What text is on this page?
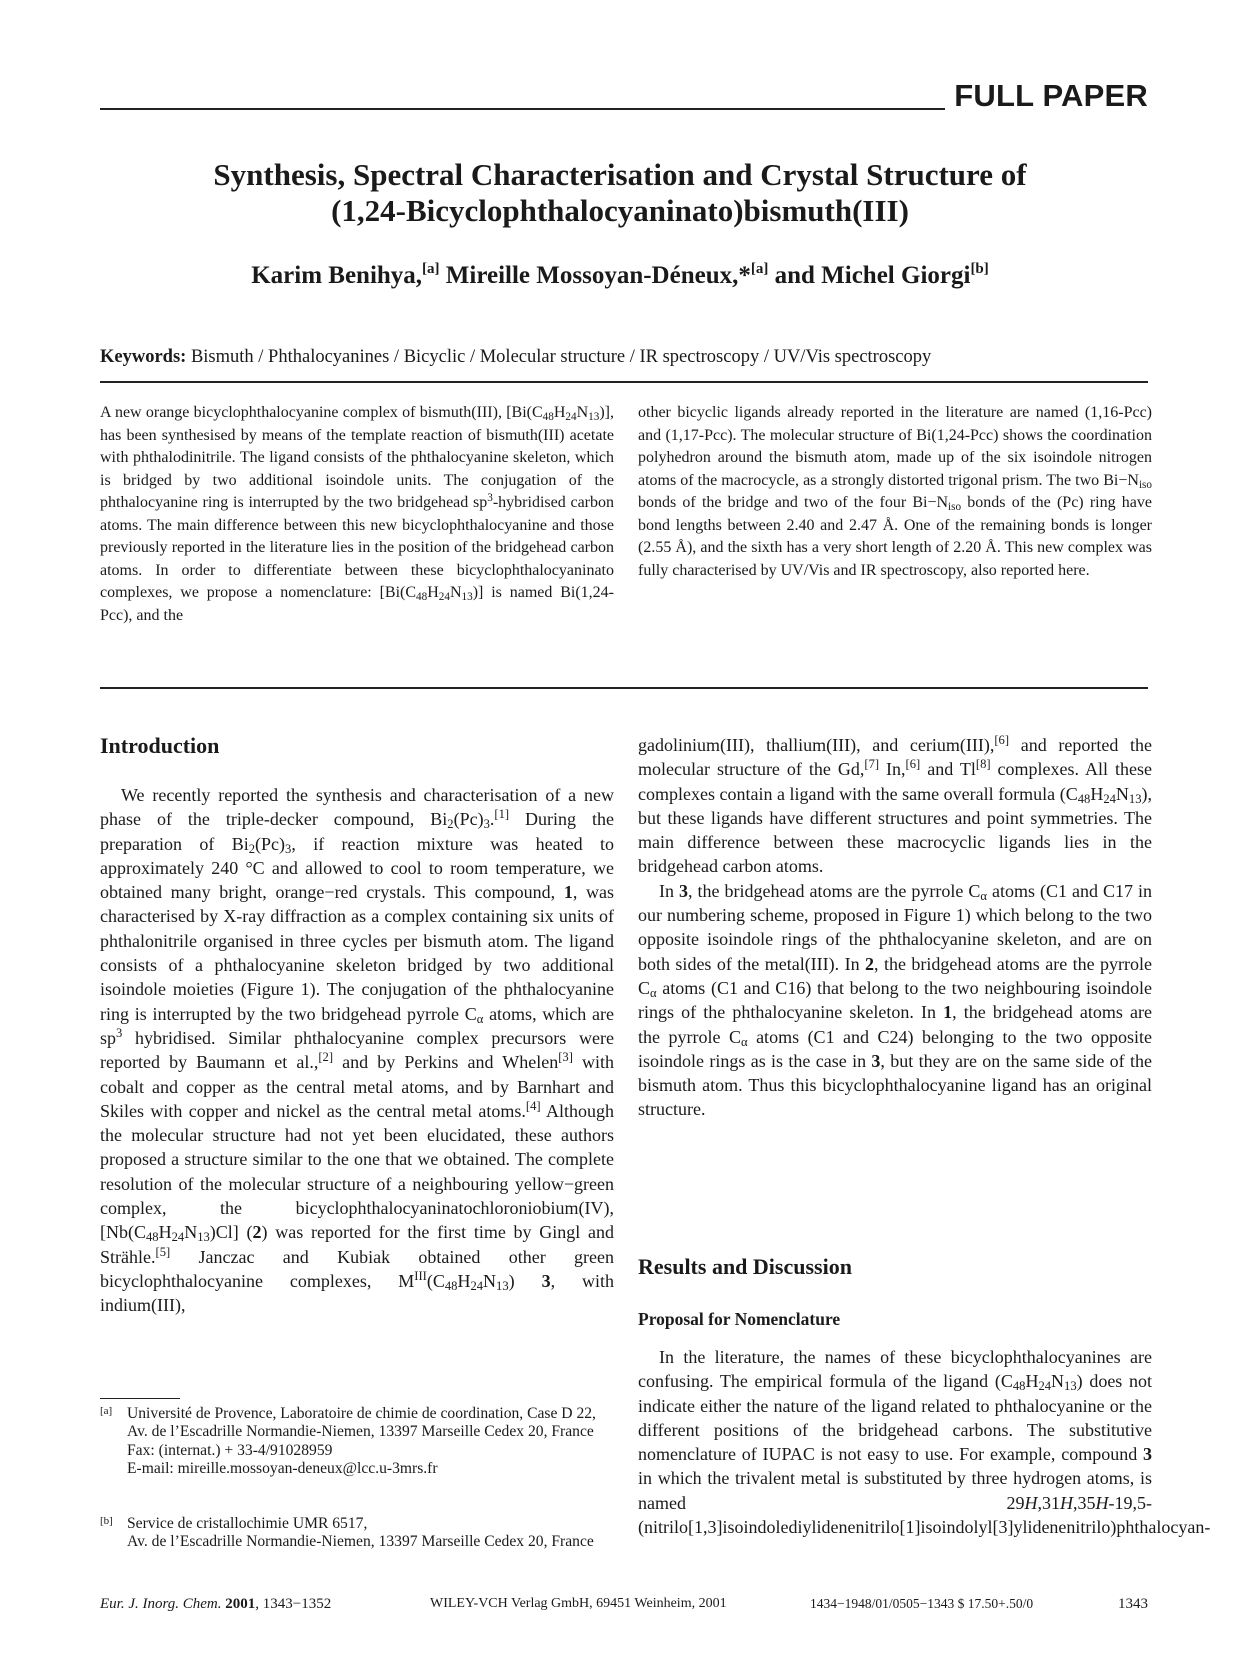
FULL PAPER
Synthesis, Spectral Characterisation and Crystal Structure of
(1,24-Bicyclophthalocyaninato)bismuth(III)
Karim Benihya,[a] Mireille Mossoyan-Déneux,*[a] and Michel Giorgi[b]
Keywords: Bismuth / Phthalocyanines / Bicyclic / Molecular structure / IR spectroscopy / UV/Vis spectroscopy
A new orange bicyclophthalocyanine complex of bismuth(III), $[Bi(C_{48}H_{24}N_{13})]$, has been synthesised by means of the template reaction of bismuth(III) acetate with phthalodinitrile. The ligand consists of the phthalocyanine skeleton, which is bridged by two additional isoindole units. The conjugation of the phthalocyanine ring is interrupted by the two bridgehead $sp^3$-hybridised carbon atoms. The main difference between this new bicyclophthalocyanine and those previously reported in the literature lies in the position of the bridgehead carbon atoms. In order to differentiate between these bicyclophthalocyaninato complexes, we propose a nomenclature: $[Bi(C_{48}H_{24}N_{13})]$ is named Bi(1,24-Pcc), and the
other bicyclic ligands already reported in the literature are named (1,16-Pcc) and (1,17-Pcc). The molecular structure of Bi(1,24-Pcc) shows the coordination polyhedron around the bismuth atom, made up of the six isoindole nitrogen atoms of the macrocycle, as a strongly distorted trigonal prism. The two $Bi-N_{iso}$ bonds of the bridge and two of the four $Bi-N_{iso}$ bonds of the (Pc) ring have bond lengths between 2.40 and 2.47 Å. One of the remaining bonds is longer (2.55 Å), and the sixth has a very short length of 2.20 Å. This new complex was fully characterised by UV/Vis and IR spectroscopy, also reported here.
Introduction

We recently reported the synthesis and characterisation of a new phase of the triple-decker compound, $Bi_2(Pc)_3.[1]$ During the preparation of $Bi_2(Pc)_3$, if reaction mixture was heated to approximately 240 °C and allowed to cool to room temperature, we obtained many bright, orange−red crystals. This compound, 1, was characterised by X-ray diffraction as a complex containing six units of phthalonitrile organised in three cycles per bismuth atom. The ligand consists of a phthalocyanine skeleton bridged by two additional isoindole moieties (Figure 1). The conjugation of the phthalocyanine ring is interrupted by the two bridgehead pyrrole $C_\alpha$ atoms, which are $sp^3$ hybridised. Similar phthalocyanine complex precursors were reported by Baumann et al.,[2] and by Perkins and Whelen[3] with cobalt and copper as the central metal atoms, and by Barnhart and Skiles with copper and nickel as the central metal atoms.[4] Although the molecular structure had not yet been elucidated, these authors proposed a structure similar to the one that we obtained. The complete resolution of the molecular structure of a neighbouring yellow−green complex, the bicyclophthalocyaninatochloroniobium(IV), $[Nb(C_{48}H_{24}N_{13})Cl]$ (2) was reported for the first time by Gingl and Strähle.[5] Janczac and Kubiak obtained other green bicyclophthalocyanine complexes, $M^{III}(C_{48}H_{24}N_{13})$ 3, with indium(III),

[a] Université de Provence, Laboratoire de chimie de coordination, Case D 22,
Av. de l’Escadrille Normandie-Niemen, 13397 Marseille Cedex 20, France
Fax: (internat.) + 33-4/91028959
E-mail: mireille.mossoyan-deneux@lcc.u-3mrs.fr
[b] Service de cristallochimie UMR 6517,
Av. de l’Escadrille Normandie-Niemen, 13397 Marseille Cedex 20, France

gadolinium(III), thallium(III), and cerium(III),[6] and reported the molecular structure of the Gd,[7] In,[6] and Tl[8] complexes. All these complexes contain a ligand with the same overall formula $(C_{48}H_{24}N_{13})$, but these ligands have different structures and point symmetries. The main difference between these macrocyclic ligands lies in the bridgehead carbon atoms.

In 3, the bridgehead atoms are the pyrrole $C_\alpha$ atoms (C1 and C17 in our numbering scheme, proposed in Figure 1) which belong to the two opposite isoindole rings of the phthalocyanine skeleton, and are on both sides of the metal(III). In 2, the bridgehead atoms are the pyrrole $C_\alpha$ atoms (C1 and C16) that belong to the two neighbouring isoindole rings of the phthalocyanine skeleton. In 1, the bridgehead atoms are the pyrrole $C_\alpha$ atoms (C1 and C24) belonging to the two opposite isoindole rings as is the case in 3, but they are on the same side of the bismuth atom. Thus this bicyclophthalocyanine ligand has an original structure.

Results and Discussion
Proposal for Nomenclature

In the literature, the names of these bicyclophthalocyanines are confusing. The empirical formula of the ligand $(C_{48}H_{24}N_{13})$ does not indicate either the nature of the ligand related to phthalocyanine or the different positions of the bridgehead carbons. The substitutive nomenclature of IUPAC is not easy to use. For example, compound 3 in which the trivalent metal is substituted by three hydrogen atoms, is named 29H,31H,35H-19,5-(nitrilo[1,3]isoindolediylidenenitrilo[1]isoindolyl[3]ylidenenitrilo)phthalocyan-

Eur. J. Inorg. Chem. 2001, 1343−1352	WILEY-VCH Verlag GmbH, 69451 Weinheim, 2001	1434−1948/01/0505−1343 $ 17.50+.50/0	1343
